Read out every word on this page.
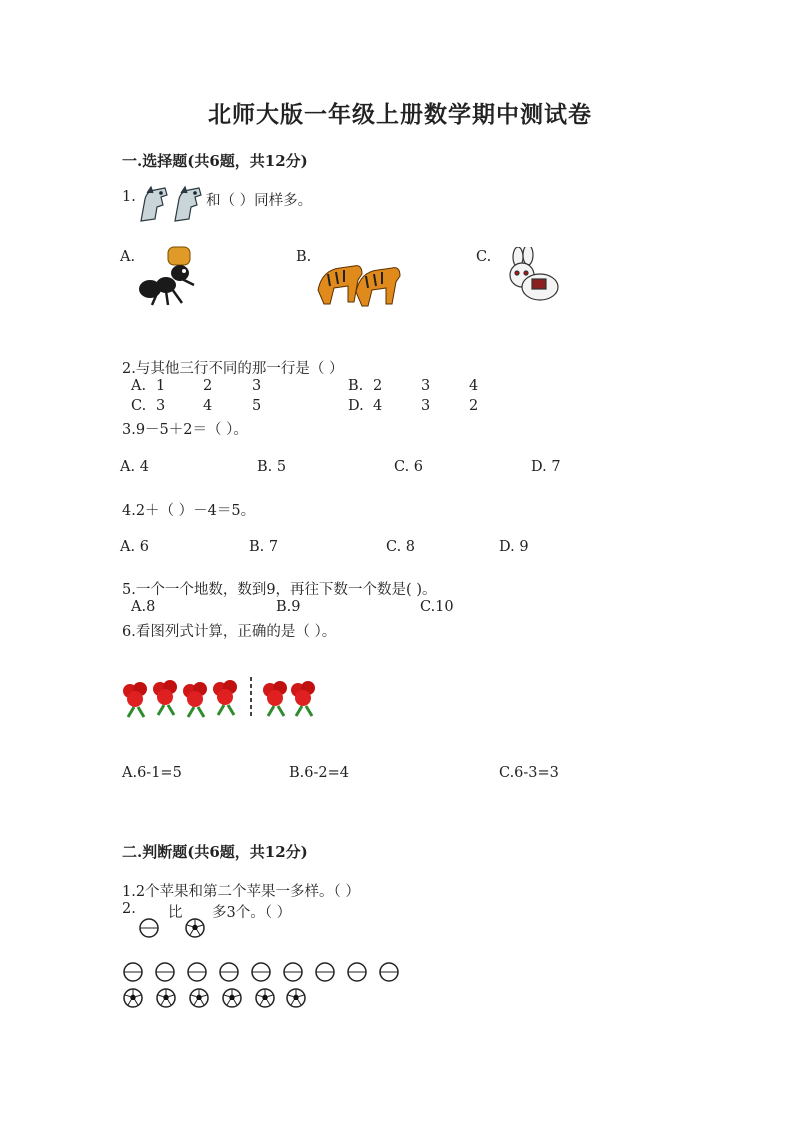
北师大版一年级上册数学期中测试卷
一.选择题(共6题，共12分)
1.	和（ ）同样多。
A.	B.	C.
2.与其他三行不同的那一行是（ ）
A. 1	2	3	B. 2	3	4
C. 3	4	5	D. 4	3	2
3.9－5＋2＝（ ）。
A. 4	B. 5	C. 6	D. 7
4.2＋（ ）－4＝5。
A. 6	B. 7	C. 8	D. 9
5.一个一个地数，数到9，再往下数一个数是( )。
A.8	B.9	C.10
6.看图列式计算，正确的是（ ）。
A.6-1=5	B.6-2=4	C.6-3=3
二.判断题(共6题，共12分)
1.2个苹果和第二个苹果一多样。（ ）
2. 比 多3个。（ ）
